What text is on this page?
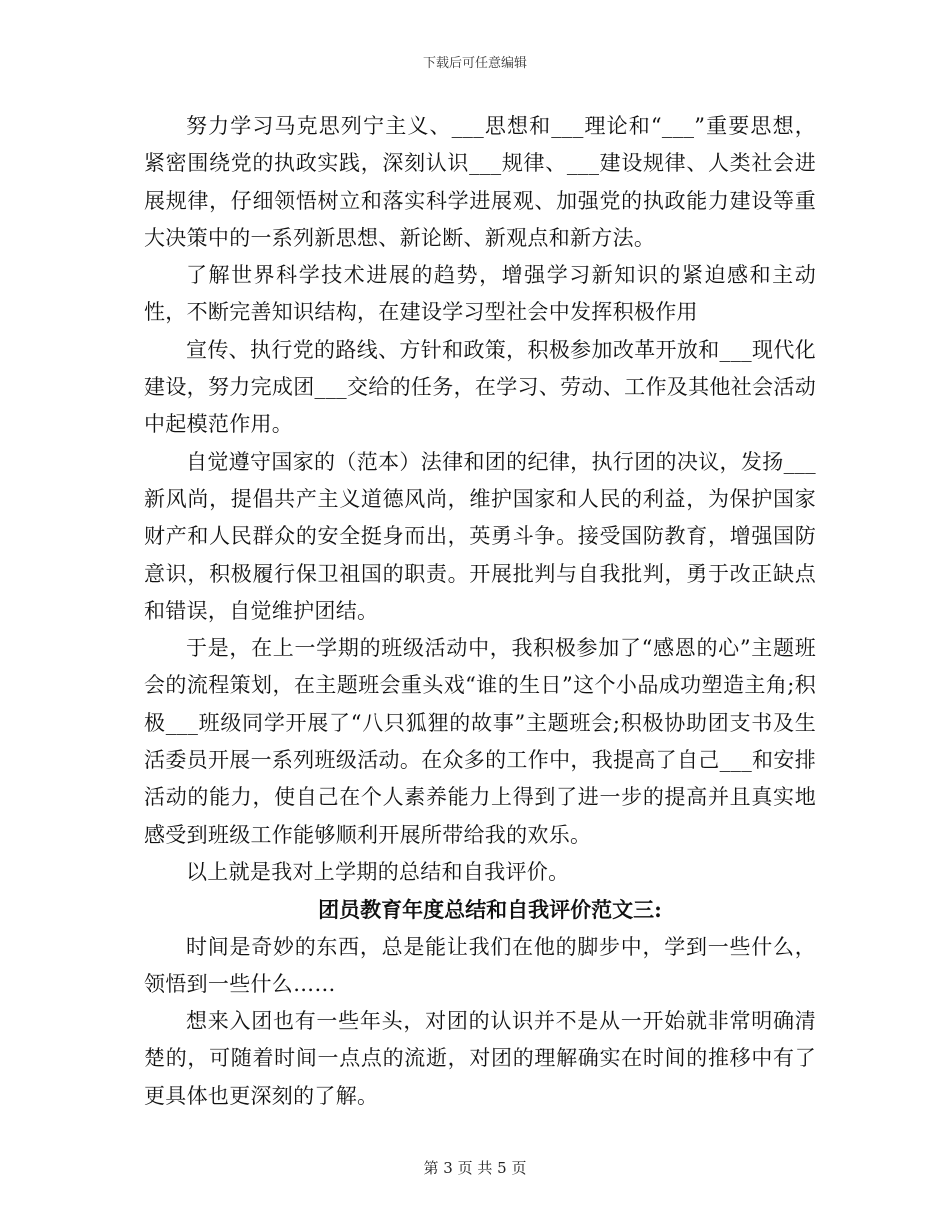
下载后可任意编辑

努力学习马克思列宁主义、___思想和___理论和“___”重要思想，紧密围绕党的执政实践，深刻认识___规律、___建设规律、人类社会进展规律，仔细领悟树立和落实科学进展观、加强党的执政能力建设等重大决策中的一系列新思想、新论断、新观点和新方法。

了解世界科学技术进展的趋势，增强学习新知识的紧迫感和主动性，不断完善知识结构，在建设学习型社会中发挥积极作用

宣传、执行党的路线、方针和政策，积极参加改革开放和___现代化建设，努力完成团___交给的任务，在学习、劳动、工作及其他社会活动中起模范作用。

自觉遵守国家的（范本）法律和团的纪律，执行团的决议，发扬___新风尚，提倡共产主义道德风尚，维护国家和人民的利益，为保护国家财产和人民群众的安全挺身而出，英勇斗争。接受国防教育，增强国防意识，积极履行保卫祖国的职责。开展批判与自我批判，勇于改正缺点和错误，自觉维护团结。

于是，在上一学期的班级活动中，我积极参加了“感恩的心”主题班会的流程策划，在主题班会重头戏“谁的生日”这个小品成功塑造主角;积极___班级同学开展了“八只狐狸的故事”主题班会;积极协助团支书及生活委员开展一系列班级活动。在众多的工作中，我提高了自己___和安排活动的能力，使自己在个人素养能力上得到了进一步的提高并且真实地感受到班级工作能够顺利开展所带给我的欢乐。

以上就是我对上学期的总结和自我评价。

团员教育年度总结和自我评价范文三:

时间是奇妙的东西，总是能让我们在他的脚步中，学到一些什么，领悟到一些什么……

想来入团也有一些年头，对团的认识并不是从一开始就非常明确清楚的，可随着时间一点点的流逝，对团的理解确实在时间的推移中有了更具体也更深刻的了解。

第 3 页 共 5 页
